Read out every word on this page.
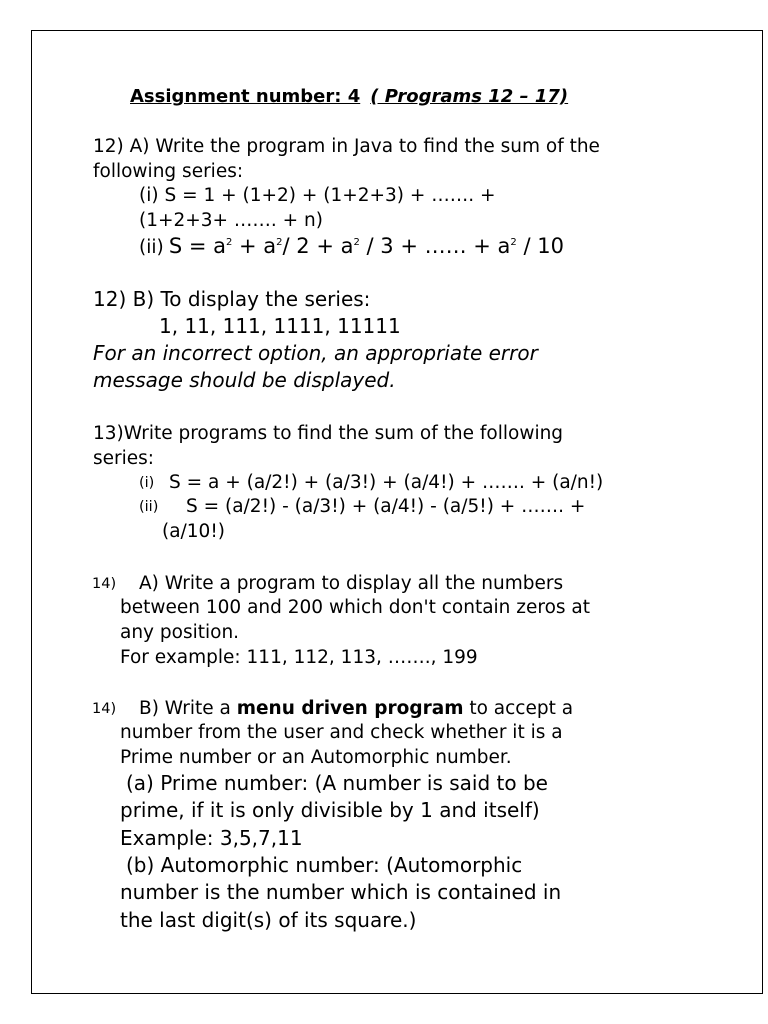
Assignment number: 4 ( Programs 12 – 17)
12) A) Write the program in Java to find the sum of the
following series:
(i) S = 1 + (1+2) + (1+2+3) + ……. +
(1+2+3+ ……. + n)
(ii) $S = a^2 + a^2/$ $2 + a^2 / 3$ + …… + $a^2 / 10$
12) B) To display the series:
1, 11, 111, 1111, 11111
For an incorrect option, an appropriate error
message should be displayed.
13)Write programs to find the sum of the following
series:
(i) S = a + (a/2!) + (a/3!) + (a/4!) + ……. + (a/n!)
(ii) S = (a/2!) - (a/3!) + (a/4!) - (a/5!) + ……. +
(a/10!)
14) A) Write a program to display all the numbers
between 100 and 200 which don't contain zeros at
any position.
For example: 111, 112, 113, ……., 199
14) B) Write a menu driven program to accept a
number from the user and check whether it is a
Prime number or an Automorphic number.
(a) Prime number: (A number is said to be
prime, if it is only divisible by 1 and itself)
Example: 3,5,7,11
(b) Automorphic number: (Automorphic
number is the number which is contained in
the last digit(s) of its square.)
